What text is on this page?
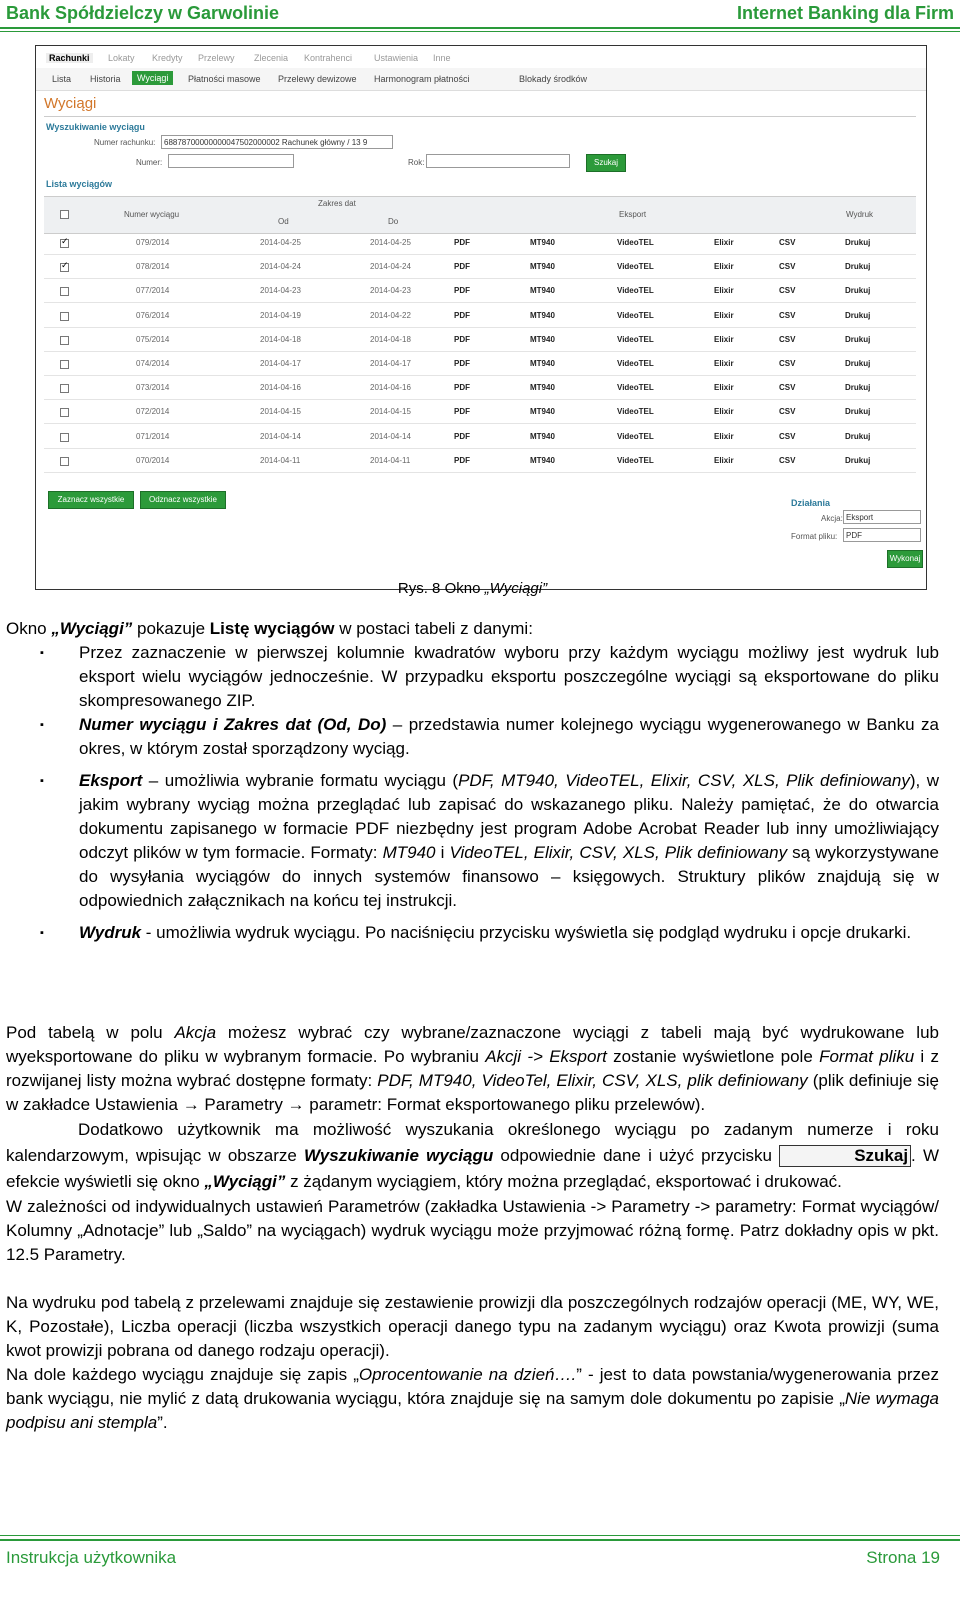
Bank Spółdzielczy w Garwolinie	Internet Banking dla Firm
Rachunki	Lokaty Kredyty Przelewy Zlecenia Kontrahenci Ustawienia Inne
Lista Historia	Wyciągi	Płatności masowe Przelewy dewizowe Harmonogram płatności	Blokady środków
Wyciągi
Wyszukiwanie wyciągu
Numer rachunku:	68878700000000047502000002 Rachunek główny / 13 9
Numer:	Rok:	Szukaj
Lista wyciągów
Numer wyciągu
Zakres dat
Od	Do
Eksport	Wydruk
✓
079/2014	2014-04-25	2014-04-25	PDF	MT940	VideoTEL	Elixir	CSV	Drukuj
✓
078/2014	2014-04-24	2014-04-24	PDF	MT940	VideoTEL	Elixir	CSV	Drukuj
077/2014	2014-04-23	2014-04-23	PDF	MT940	VideoTEL	Elixir	CSV	Drukuj
076/2014	2014-04-19	2014-04-22	PDF	MT940	VideoTEL	Elixir	CSV	Drukuj
075/2014	2014-04-18	2014-04-18	PDF	MT940	VideoTEL	Elixir	CSV	Drukuj
074/2014	2014-04-17	2014-04-17	PDF	MT940	VideoTEL	Elixir	CSV	Drukuj
073/2014	2014-04-16	2014-04-16	PDF	MT940	VideoTEL	Elixir	CSV	Drukuj
072/2014	2014-04-15	2014-04-15	PDF	MT940	VideoTEL	Elixir	CSV	Drukuj
071/2014	2014-04-14	2014-04-14	PDF	MT940	VideoTEL	Elixir	CSV	Drukuj
070/2014	2014-04-11	2014-04-11	PDF	MT940	VideoTEL	Elixir	CSV	Drukuj
Zaznacz wszystkie	Odznacz wszystkie	Działania
Akcja: Eksport
Format pliku:	PDF
Wykonaj
Rys. 8 Okno „Wyciągi”

Okno „Wyciągi” pokazuje Listę wyciągów w postaci tabeli z danymi:

▪ Przez zaznaczenie w pierwszej kolumnie kwadratów wyboru przy każdym wyciągu możliwy jest wydruk lub eksport wielu wyciągów jednocześnie. W przypadku eksportu poszczególne wyciągi są eksportowane do pliku skompresowanego ZIP.

▪ Numer wyciągu i Zakres dat (Od, Do) – przedstawia numer kolejnego wyciągu wygenerowanego w Banku za okres, w którym został sporządzony wyciąg.

▪ Eksport – umożliwia wybranie formatu wyciągu (PDF, MT940, VideoTEL, Elixir, CSV, XLS, Plik definiowany), w jakim wybrany wyciąg można przeglądać lub zapisać do wskazanego pliku. Należy pamiętać, że do otwarcia dokumentu zapisanego w formacie PDF niezbędny jest program Adobe Acrobat Reader lub inny umożliwiający odczyt plików w tym formacie. Formaty: MT940 i VideoTEL, Elixir, CSV, XLS, Plik definiowany są wykorzystywane do wysyłania wyciągów do innych systemów finansowo – księgowych. Struktury plików znajdują się w odpowiednich załącznikach na końcu tej instrukcji.

▪ Wydruk - umożliwia wydruk wyciągu. Po naciśnięciu przycisku wyświetla się podgląd wydruku i opcje drukarki.

Pod tabelą w polu Akcja możesz wybrać czy wybrane/zaznaczone wyciągi z tabeli mają być wydrukowane lub wyeksportowane do pliku w wybranym formacie. Po wybraniu Akcji -> Eksport zostanie wyświetlone pole Format pliku i z rozwijanej listy można wybrać dostępne formaty: PDF, MT940, VideoTel, Elixir, CSV, XLS, plik definiowany (plik definiuje się w zakładce Ustawienia → Parametry → parametr: Format eksportowanego pliku przelewów).

Dodatkowo użytkownik ma możliwość wyszukania określonego wyciągu po zadanym numerze i roku kalendarzowym, wpisując w obszarze Wyszukiwanie wyciągu odpowiednie dane i użyć przycisku	Szukaj . W efekcie wyświetli się okno „Wyciągi” z żądanym wyciągiem, który można przeglądać, eksportować i drukować.

W zależności od indywidualnych ustawień Parametrów (zakładka Ustawienia -> Parametry -> parametry: Format wyciągów/ Kolumny „Adnotacje” lub „Saldo” na wyciągach) wydruk wyciągu może przyjmować różną formę. Patrz dokładny opis w pkt. 12.5 Parametry.

Na wydruku pod tabelą z przelewami znajduje się zestawienie prowizji dla poszczególnych rodzajów operacji (ME, WY, WE, K, Pozostałe), Liczba operacji (liczba wszystkich operacji danego typu na zadanym wyciągu) oraz Kwota prowizji (suma kwot prowizji pobrana od danego rodzaju operacji).

Na dole każdego wyciągu znajduje się zapis „Oprocentowanie na dzień….” - jest to data powstania/wygenerowania przez bank wyciągu, nie mylić z datą drukowania wyciągu, która znajduje się na samym dole dokumentu po zapisie „Nie wymaga podpisu ani stempla”.

Instrukcja użytkownika	Strona 19
